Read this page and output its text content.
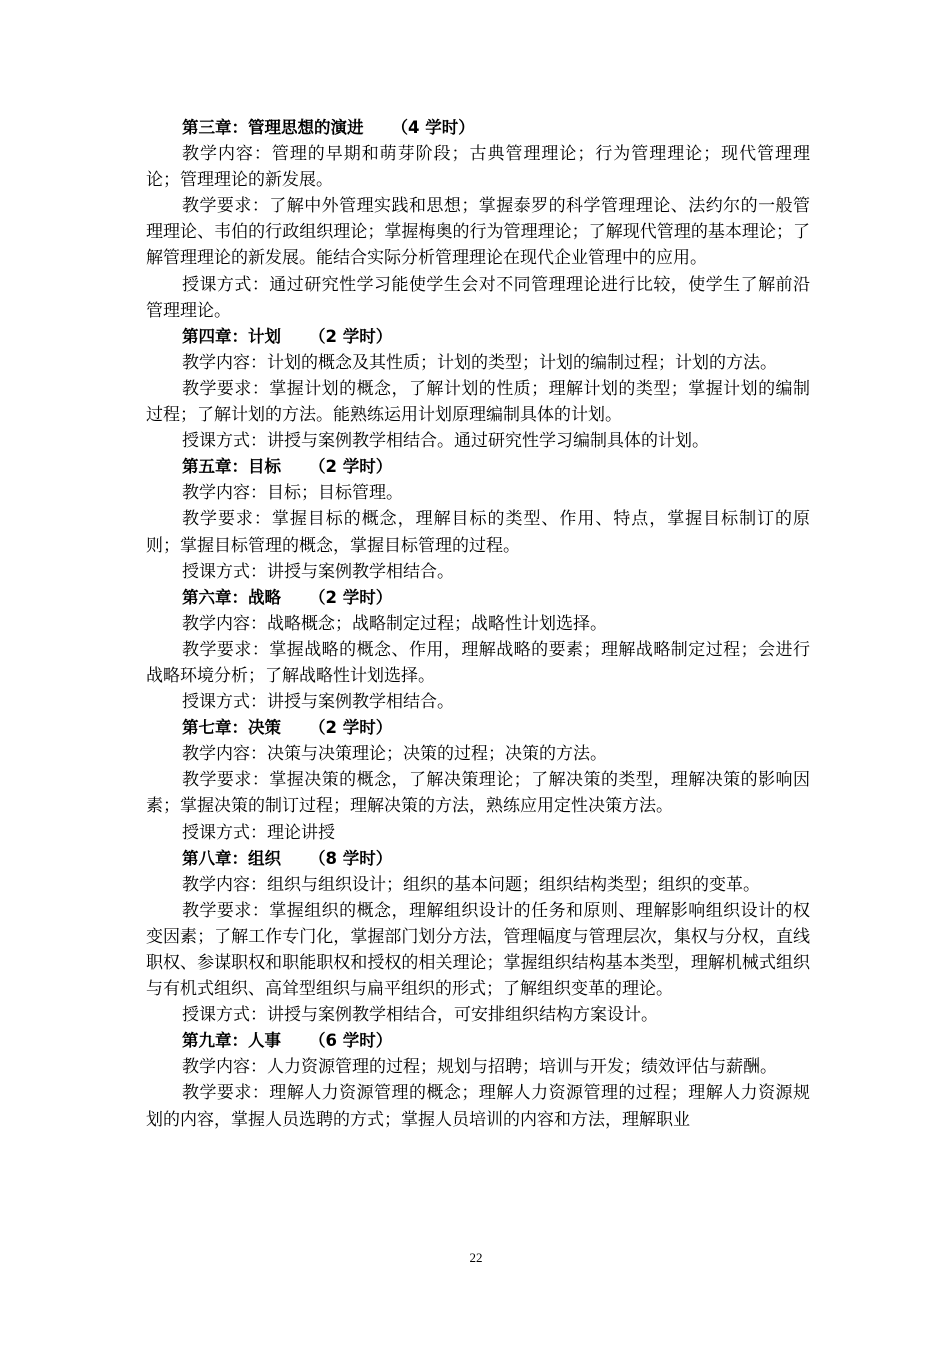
第三章：管理思想的演进 （4 学时）

教学内容：管理的早期和萌芽阶段；古典管理理论；行为管理理论；现代管理理论；管理理论的新发展。

教学要求：了解中外管理实践和思想；掌握泰罗的科学管理理论、法约尔的一般管理理论、韦伯的行政组织理论；掌握梅奥的行为管理理论；了解现代管理的基本理论；了解管理理论的新发展。能结合实际分析管理理论在现代企业管理中的应用。

授课方式：通过研究性学习能使学生会对不同管理理论进行比较，使学生了解前沿管理理论。

第四章：计划 （2 学时）

教学内容：计划的概念及其性质；计划的类型；计划的编制过程；计划的方法。

教学要求：掌握计划的概念，了解计划的性质；理解计划的类型；掌握计划的编制过程；了解计划的方法。能熟练运用计划原理编制具体的计划。

授课方式：讲授与案例教学相结合。通过研究性学习编制具体的计划。

第五章：目标 （2 学时）

教学内容：目标；目标管理。

教学要求：掌握目标的概念，理解目标的类型、作用、特点，掌握目标制订的原则；掌握目标管理的概念，掌握目标管理的过程。

授课方式：讲授与案例教学相结合。

第六章：战略 （2 学时）

教学内容：战略概念；战略制定过程；战略性计划选择。

教学要求：掌握战略的概念、作用，理解战略的要素；理解战略制定过程；会进行战略环境分析；了解战略性计划选择。

授课方式：讲授与案例教学相结合。

第七章：决策 （2 学时）

教学内容：决策与决策理论；决策的过程；决策的方法。

教学要求：掌握决策的概念，了解决策理论；了解决策的类型，理解决策的影响因素；掌握决策的制订过程；理解决策的方法，熟练应用定性决策方法。

授课方式：理论讲授

第八章：组织 （8 学时）

教学内容：组织与组织设计；组织的基本问题；组织结构类型；组织的变革。

教学要求：掌握组织的概念，理解组织设计的任务和原则、理解影响组织设计的权变因素；了解工作专门化，掌握部门划分方法，管理幅度与管理层次，集权与分权，直线职权、参谋职权和职能职权和授权的相关理论；掌握组织结构基本类型，理解机械式组织与有机式组织、高耸型组织与扁平组织的形式；了解组织变革的理论。

授课方式：讲授与案例教学相结合，可安排组织结构方案设计。

第九章：人事 （6 学时）

教学内容：人力资源管理的过程；规划与招聘；培训与开发；绩效评估与薪酬。

教学要求：理解人力资源管理的概念；理解人力资源管理的过程；理解人力资源规划的内容，掌握人员选聘的方式；掌握人员培训的内容和方法，理解职业

22
